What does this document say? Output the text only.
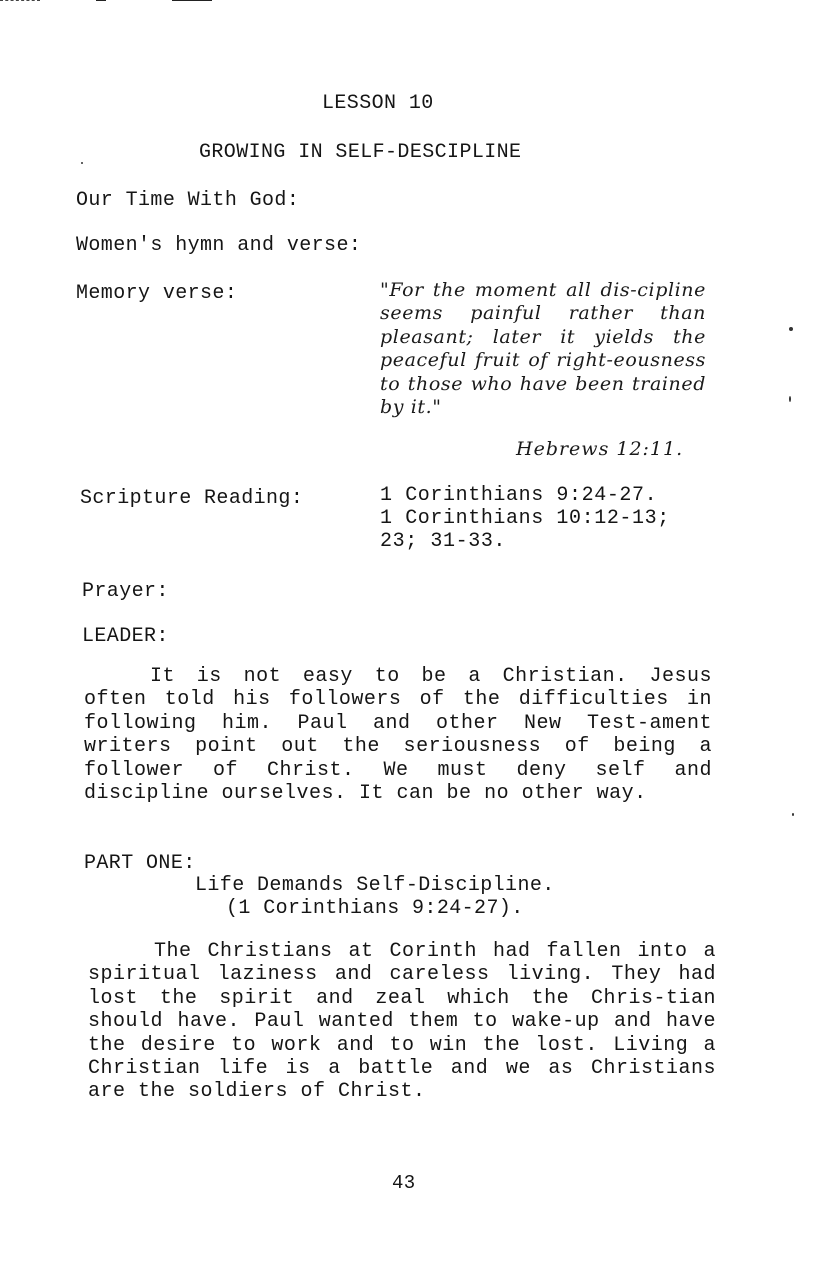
LESSON 10
GROWING IN SELF-DESCIPLINE
Our Time With God:
Women's hymn and verse:
Memory verse:	"For the moment all dis-cipline seems painful rather than pleasant; later it yields the peaceful fruit of right-eousness to those who have been trained by it."
Hebrews 12:11.
Scripture Reading:	1 Corinthians 9:24-27.
1 Corinthians 10:12-13;
23; 31-33.
Prayer:
LEADER:
It is not easy to be a Christian. Jesus often told his followers of the difficulties in following him. Paul and other New Test-ament writers point out the seriousness of being a follower of Christ. We must deny self and discipline ourselves. It can be no other way.
PART ONE:
Life Demands Self-Discipline.
(1 Corinthians 9:24-27).
The Christians at Corinth had fallen into a spiritual laziness and careless living. They had lost the spirit and zeal which the Chris-tian should have. Paul wanted them to wake-up and have the desire to work and to win the lost. Living a Christian life is a battle and we as Christians are the soldiers of Christ.
43
